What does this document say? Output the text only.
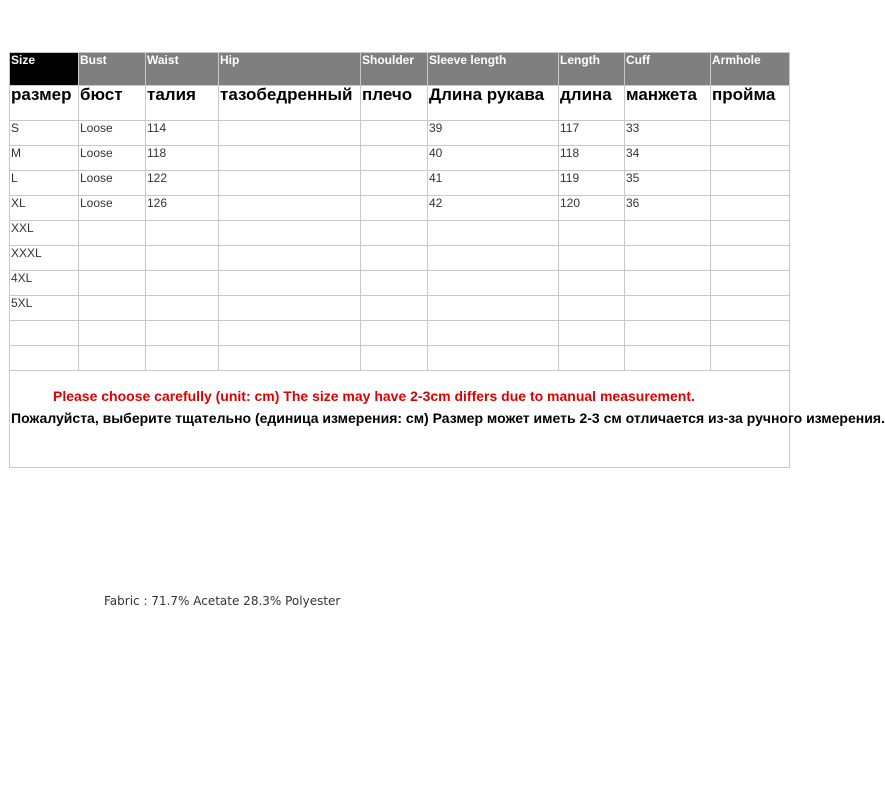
Size	Bust	Waist	Hip	Shoulder	Sleeve length	Length	Cuff	Armhole
размер	бюст	талия	тазобедренный	плечо	Длина рукава	длина	манжета	пройма
S	Loose	114			39	117	33	
M	Loose	118			40	118	34	
L	Loose	122			41	119	35	
XL	Loose	126			42	120	36	
XXL								
XXXL								
4XL								
5XL								

Please choose carefully (unit: cm) The size may have 2-3cm differs due to manual measurement.
Пожалуйста, выберите тщательно (единица измерения: см) Размер может иметь 2-3 см отличается из-за ручного измерения.								
Fabric : 71.7% Acetate 28.3% Polyester
